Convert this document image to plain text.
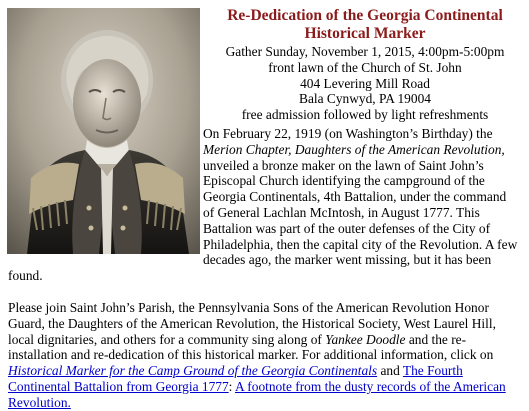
Re-Dedication of the Georgia Continental
Historical Marker
Gather Sunday, November 1, 2015, 4:00pm-5:00pm
front lawn of the Church of St. John
404 Levering Mill Road
Bala Cynwyd, PA 19004
free admission followed by light refreshments

On February 22, 1919 (on Washington’s Birthday) the Merion Chapter, Daughters of the American Revolution, unveiled a bronze maker on the lawn of Saint John’s Episcopal Church identifying the campground of the Georgia Continentals, 4th Battalion, under the command of General Lachlan McIntosh, in August 1777. This Battalion was part of the outer defenses of the City of Philadelphia, then the capital city of the Revolution. A few decades ago, the marker went missing, but it has been found.

Please join Saint John’s Parish, the Pennsylvania Sons of the American Revolution Honor Guard, the Daughters of the American Revolution, the Historical Society, West Laurel Hill, local dignitaries, and others for a community sing along of Yankee Doodle and the re-installation and re-dedication of this historical marker. For additional information, click on Historical Marker for the Camp Ground of the Georgia Continentals and The Fourth Continental Battalion from Georgia 1777: A footnote from the dusty records of the American Revolution.
